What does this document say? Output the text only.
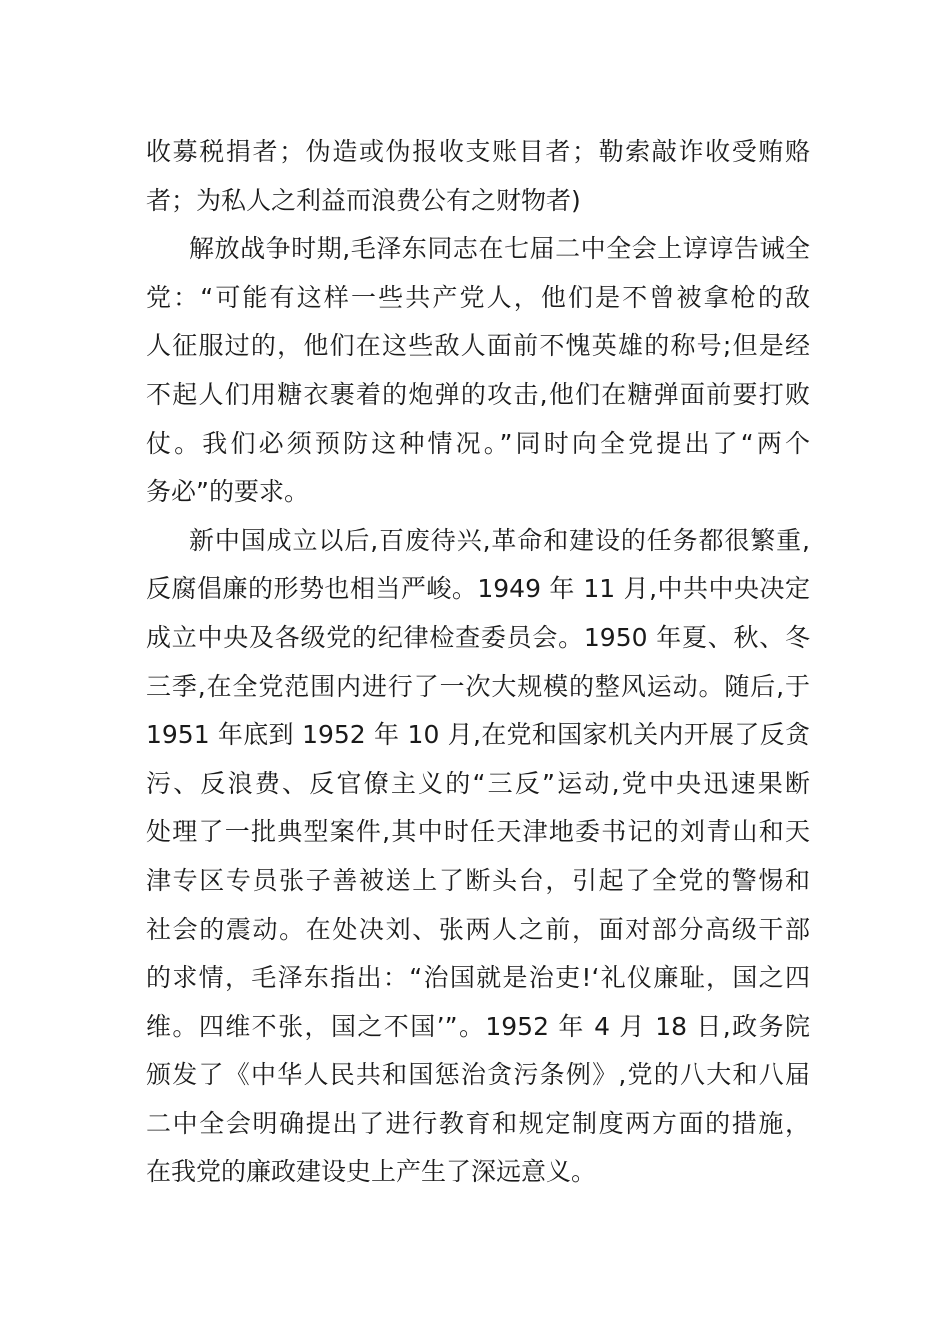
收募税捐者；伪造或伪报收支账目者；勒索敲诈收受贿赂
者；为私人之利益而浪费公有之财物者)
解放战争时期,毛泽东同志在七届二中全会上谆谆告诫全
党：“可能有这样一些共产党人，他们是不曾被拿枪的敌
人征服过的，他们在这些敌人面前不愧英雄的称号;但是经
不起人们用糖衣裹着的炮弹的攻击,他们在糖弹面前要打败
仗。我们必须预防这种情况。”同时向全党提出了“两个
务必”的要求。
新中国成立以后,百废待兴,革命和建设的任务都很繁重,
反腐倡廉的形势也相当严峻。1949 年 11 月,中共中央决定
成立中央及各级党的纪律检查委员会。1950 年夏、秋、冬
三季,在全党范围内进行了一次大规模的整风运动。随后,于
1951 年底到 1952 年 10 月,在党和国家机关内开展了反贪
污、反浪费、反官僚主义的“三反”运动,党中央迅速果断
处理了一批典型案件,其中时任天津地委书记的刘青山和天
津专区专员张子善被送上了断头台，引起了全党的警惕和
社会的震动。在处决刘、张两人之前，面对部分高级干部
的求情，毛泽东指出：“治国就是治吏!‘礼仪廉耻，国之四
维。四维不张，国之不国’”。1952 年 4 月 18 日,政务院
颁发了《中华人民共和国惩治贪污条例》,党的八大和八届
二中全会明确提出了进行教育和规定制度两方面的措施，
在我党的廉政建设史上产生了深远意义。
